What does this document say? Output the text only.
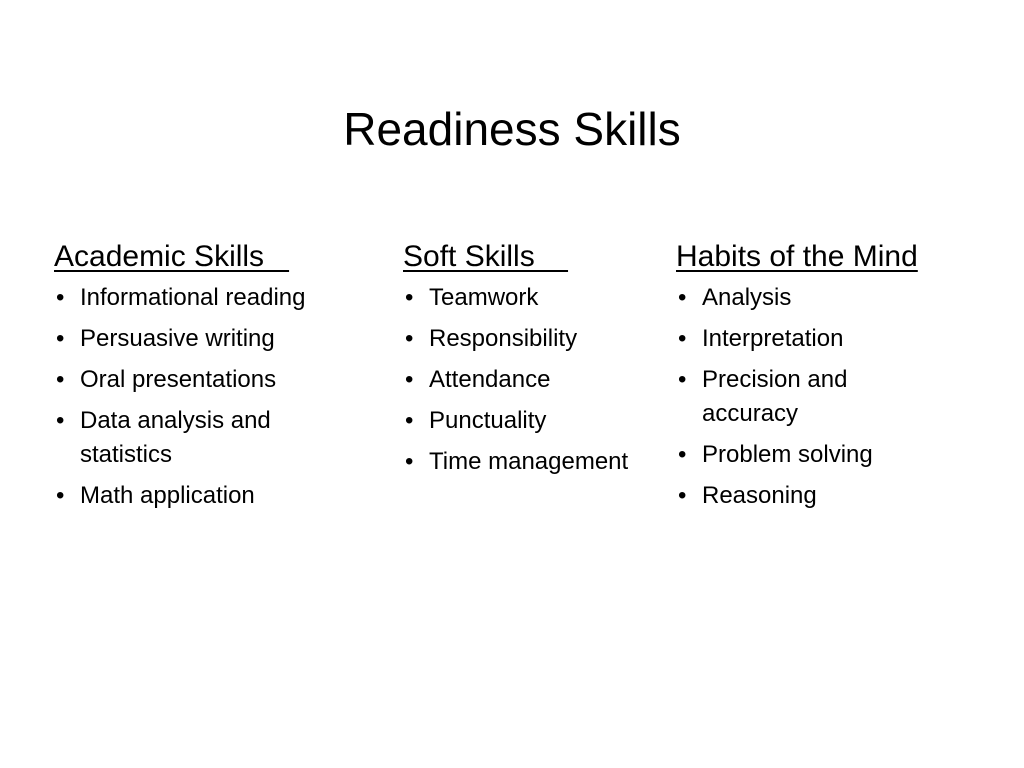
Readiness Skills
Academic Skills
• Informational reading
• Persuasive writing
• Oral presentations
• Data analysis and statistics
• Math application
Soft Skills
• Teamwork
• Responsibility
• Attendance
• Punctuality
• Time management
Habits of the Mind
• Analysis
• Interpretation
• Precision and accuracy
• Problem solving
• Reasoning
